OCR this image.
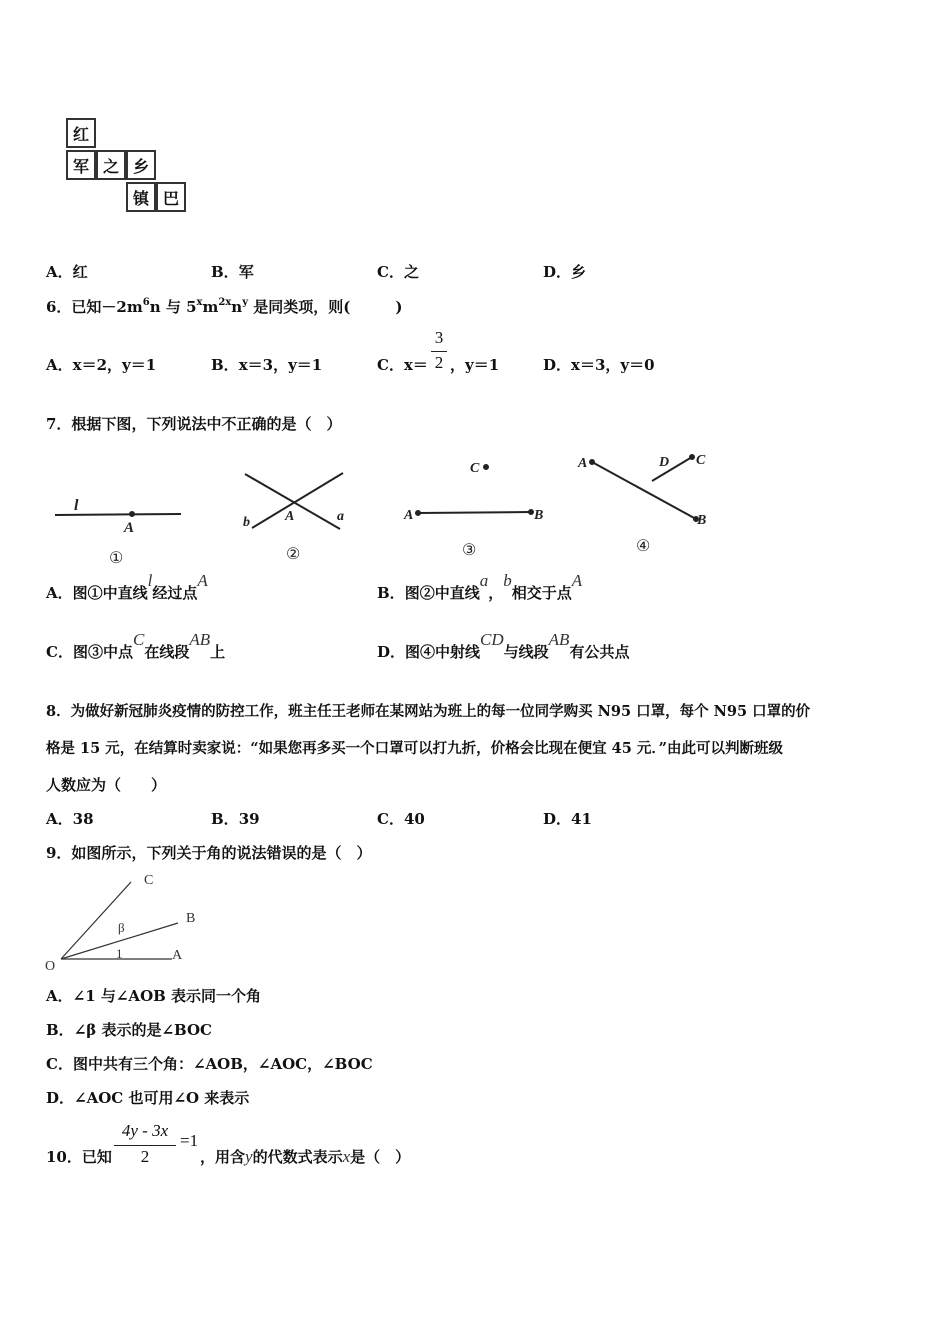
红
军 之 乡
镇 巴
A．红	B．军	C．之	D．乡
6．已知$-2m^6n$ 与 $5^xm^{2x}n^y$ 是同类项，则(　　　)
A．x＝2，y＝1	B．x＝3，y＝1	C．x＝
3
2 ，y＝1	D．x＝3，y＝0
7．根据下图，下列说法中不正确的是（　）
l
A
①
b	A	a
②
A	B
C
③
A
B
C
D
④
A．图①中直线l经过点A
B．图②中直线a，b相交于点A
C．图③中点C在线段AB上	D．图④中射线CD与线段AB有公共点
8．为做好新冠肺炎疫情的防控工作，班主任王老师在某网站为班上的每一位同学购买 N95 口罩，每个 N95 口罩的价
格是 15 元，在结算时卖家说：“如果您再多买一个口罩可以打九折，价格会比现在便宜 45 元．”由此可以判断班级
人数应为（　　）
A．38	B．39	C．40	D．41
9．如图所示，下列关于角的说法错误的是（　）
O
A
B
C
β
1
A．∠1 与∠AOB 表示同一个角
B．∠β 表示的是∠BOC
C．图中共有三个角：∠AOB，∠AOC，∠BOC
D．∠AOC 也可用∠O 来表示
10．已知
4y - 3x
2
=1
，用含y的代数式表示x是（　）
